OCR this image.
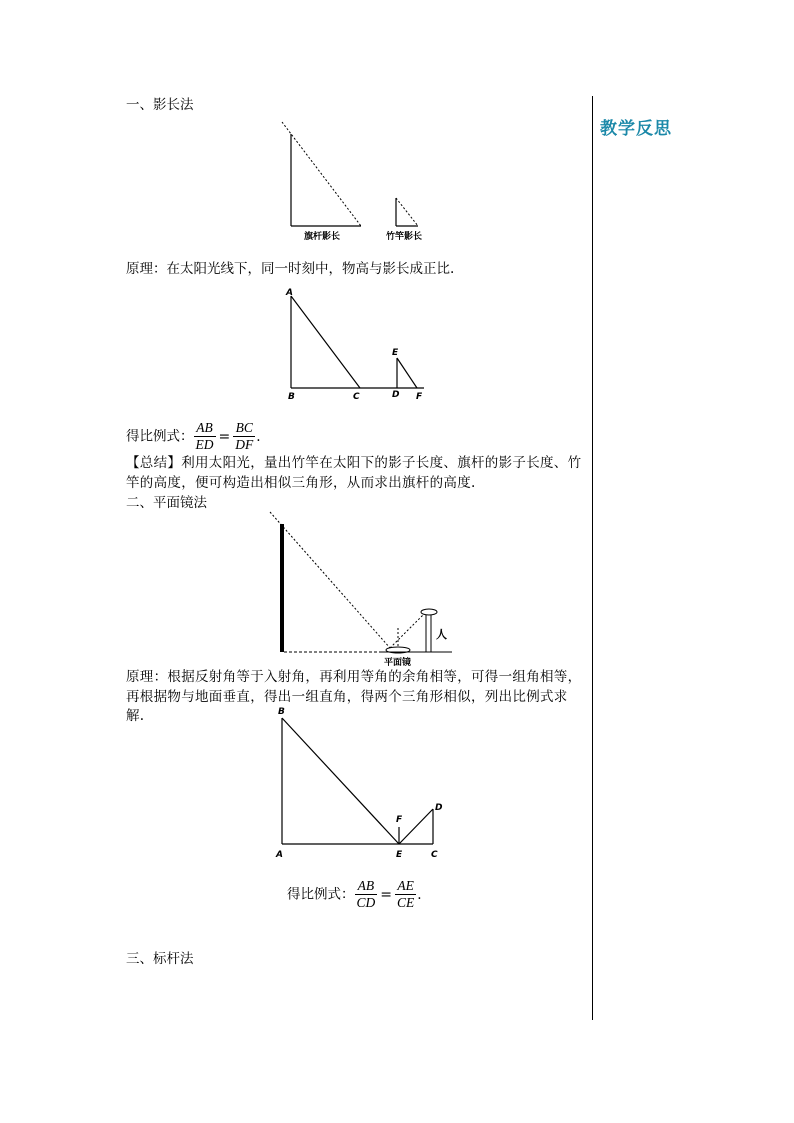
教学反思
一、影长法
旗杆影长	竹竿影长
原理：在太阳光线下，同一时刻中，物高与影长成正比.
A
B	C
E
D F
得比例式： $\frac{AB}{ED} = \frac{BC}{DF}$ .
【总结】利用太阳光，量出竹竿在太阳下的影子长度、旗杆的影子长度、竹竿的高度，便可构造出相似三角形，从而求出旗杆的高度.
二、平面镜法
人
平面镜
原理：根据反射角等于入射角，再利用等角的余角相等，可得一组角相等，再根据物与地面垂直，得出一组直角，得两个三角形相似，列出比例式求解.	B
A
F
E
D
C
得比例式： $\frac{AB}{CD} = \frac{AE}{CE}$ .
三、标杆法
